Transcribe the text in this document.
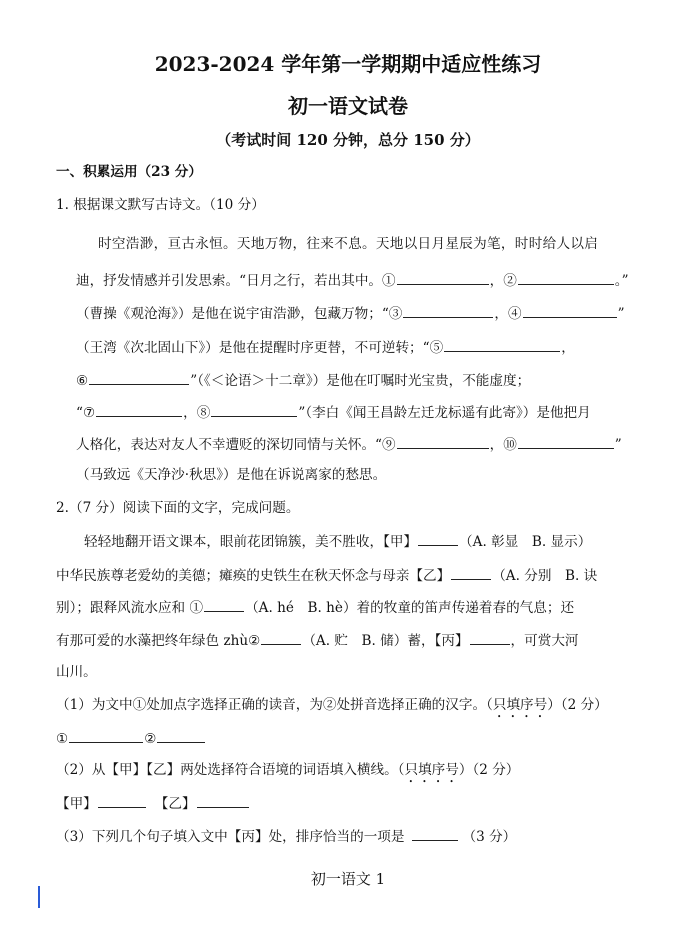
2023-2024 学年第一学期期中适应性练习
初一语文试卷
（考试时间 120 分钟，总分 150 分）
一、积累运用（23 分）
1. 根据课文默写古诗文。（10 分）
时空浩渺，亘古永恒。天地万物，往来不息。天地以日月星辰为笔，时时给人以启
迪，抒发情感并引发思索。“日月之行，若出其中。①	，②	。”
（曹操《观沧海》）是他在说宇宙浩渺，包藏万物；“③	，④	”
（王湾《次北固山下》）是他在提醒时序更替，不可逆转；“⑤	，
⑥	”（《＜论语＞十二章》）是他在叮嘱时光宝贵，不能虚度；
“⑦	，⑧	”（李白《闻王昌龄左迁龙标遥有此寄》）是他把月
人格化，表达对友人不幸遭贬的深切同情与关怀。“⑨	，⑩	”
（马致远《天净沙·秋思》）是他在诉说离家的愁思。
2.（7 分）阅读下面的文字，完成问题。
轻轻地翻开语文课本，眼前花团锦簇，美不胜收，【甲】	（A. 彰显　B. 显示）
中华民族尊老爱幼的美德；瘫痪的史铁生在秋天怀念与母亲【乙】	（A. 分别　B. 诀
别）；跟释风流水应和 ①	（A. hé　B. hè）着的牧童的笛声传递着春的气息；还
有那可爱的水藻把终年绿色 zhù②	（A. 贮　B. 储）蓄，【丙】	，可赏大河
山川。
（1）为文中①处加点字选择正确的读音，为②处拼音选择正确的汉字。（只填序号）（2 分）
①	②
（2）从【甲】【乙】两处选择符合语境的词语填入横线。（只填序号）（2 分）
【甲】	【乙】
（3）下列几个句子填入文中【丙】处，排序恰当的一项是	（3 分）
初一语文 1
